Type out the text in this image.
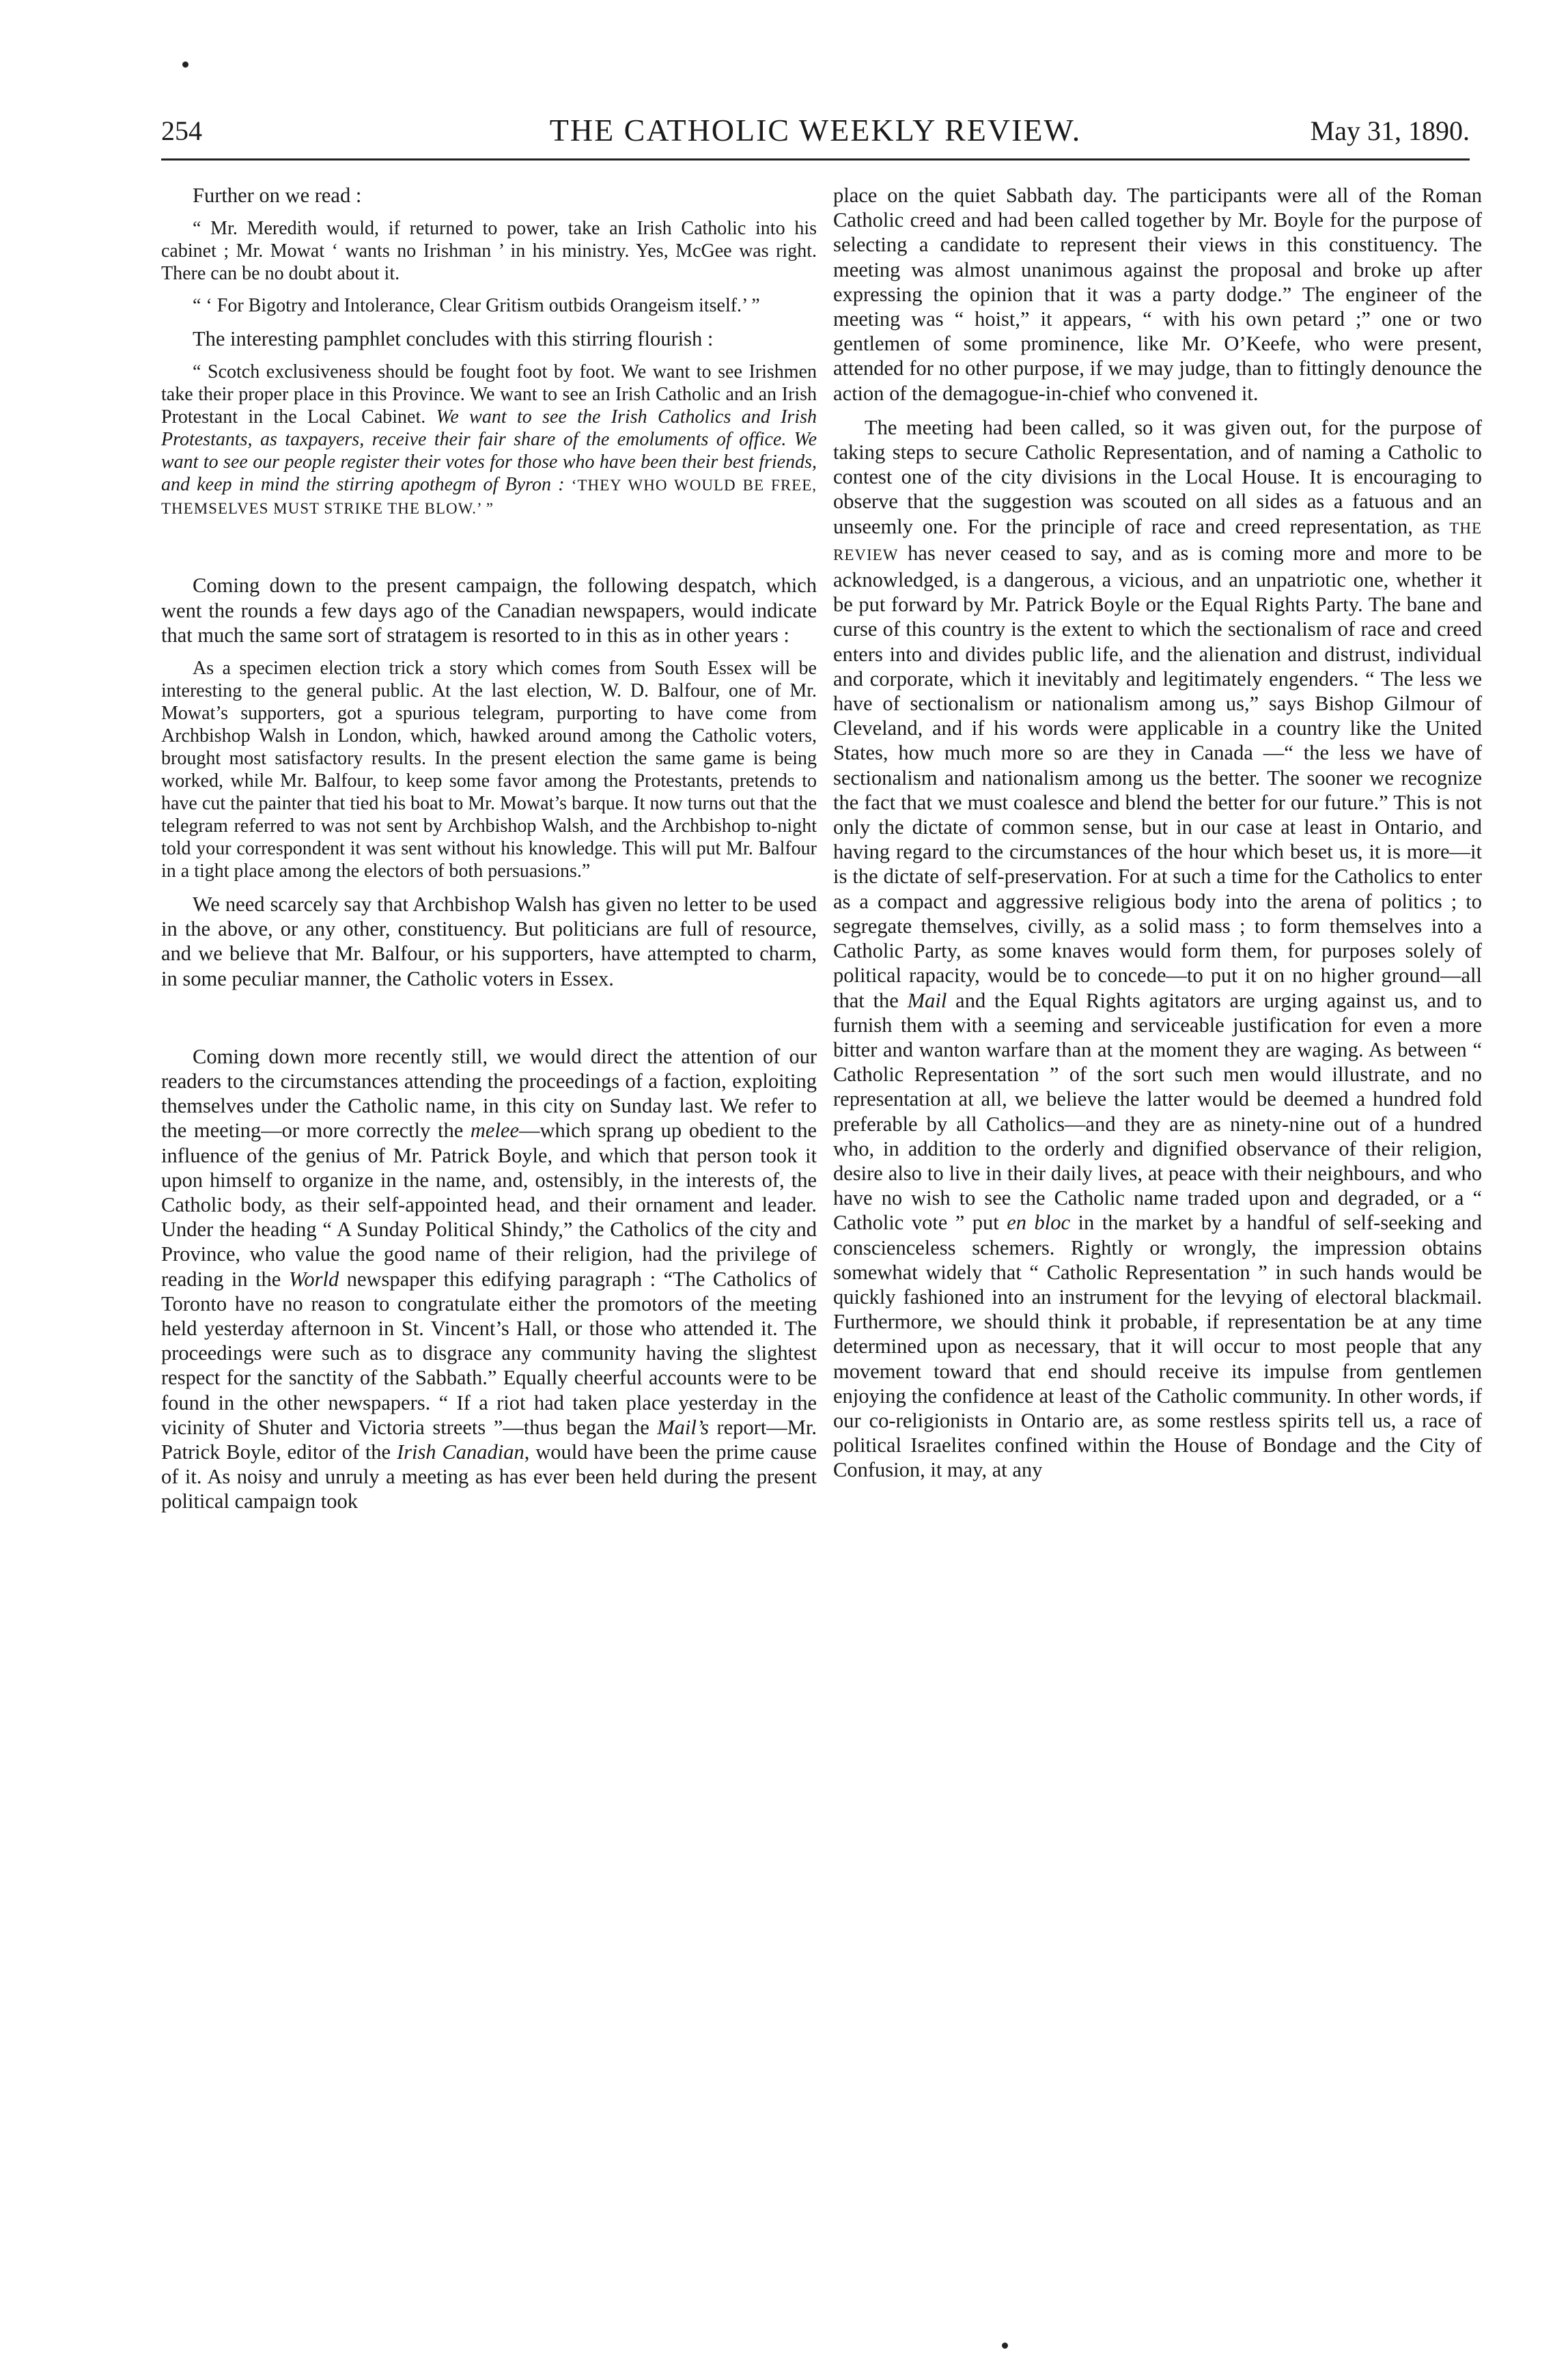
254	THE CATHOLIC WEEKLY REVIEW.	May 31, 1890.

Further on we read :

“ Mr. Meredith would, if returned to power, take an Irish Catholic into his cabinet ; Mr. Mowat ‘ wants no Irishman ’ in his ministry. Yes, McGee was right. There can be no doubt about it.

“ ‘ For Bigotry and Intolerance, Clear Gritism outbids Orangeism itself.’ ”

The interesting pamphlet concludes with this stirring flourish :

“ Scotch exclusiveness should be fought foot by foot. We want to see Irishmen take their proper place in this Province. We want to see an Irish Catholic and an Irish Protestant in the Local Cabinet. We want to see the Irish Catholics and Irish Protestants, as taxpayers, receive their fair share of the emoluments of office. We want to see our people register their votes for those who have been their best friends, and keep in mind the stirring apothegm of Byron : ‘THEY WHO WOULD BE FREE, THEMSELVES MUST STRIKE THE BLOW.’ ”

Coming down to the present campaign, the following despatch, which went the rounds a few days ago of the Canadian newspapers, would indicate that much the same sort of stratagem is resorted to in this as in other years :

As a specimen election trick a story which comes from South Essex will be interesting to the general public. At the last election, W. D. Balfour, one of Mr. Mowat’s supporters, got a spurious telegram, purporting to have come from Archbishop Walsh in London, which, hawked around among the Catholic voters, brought most satisfactory results. In the present election the same game is being worked, while Mr. Balfour, to keep some favor among the Protestants, pretends to have cut the painter that tied his boat to Mr. Mowat’s barque. It now turns out that the telegram referred to was not sent by Archbishop Walsh, and the Archbishop to-night told your correspondent it was sent without his knowledge. This will put Mr. Balfour in a tight place among the electors of both persuasions.”

We need scarcely say that Archbishop Walsh has given no letter to be used in the above, or any other, constituency. But politicians are full of resource, and we believe that Mr. Balfour, or his supporters, have attempted to charm, in some peculiar manner, the Catholic voters in Essex.

Coming down more recently still, we would direct the attention of our readers to the circumstances attending the proceedings of a faction, exploiting themselves under the Catholic name, in this city on Sunday last. We refer to the meeting—or more correctly the melee—which sprang up obedient to the influence of the genius of Mr. Patrick Boyle, and which that person took it upon himself to organize in the name, and, ostensibly, in the interests of, the Catholic body, as their self-appointed head, and their ornament and leader. Under the heading “ A Sunday Political Shindy,” the Catholics of the city and Province, who value the good name of their religion, had the privilege of reading in the World newspaper this edifying paragraph : “The Catholics of Toronto have no reason to congratulate either the promotors of the meeting held yesterday afternoon in St. Vincent’s Hall, or those who attended it. The proceedings were such as to disgrace any community having the slightest respect for the sanctity of the Sabbath.” Equally cheerful accounts were to be found in the other newspapers. “ If a riot had taken place yesterday in the vicinity of Shuter and Victoria streets ”—thus began the Mail’s report—Mr. Patrick Boyle, editor of the Irish Canadian, would have been the prime cause of it. As noisy and unruly a meeting as has ever been held during the present political campaign took

place on the quiet Sabbath day. The participants were all of the Roman Catholic creed and had been called together by Mr. Boyle for the purpose of selecting a candidate to represent their views in this constituency. The meeting was almost unanimous against the proposal and broke up after expressing the opinion that it was a party dodge.” The engineer of the meeting was “ hoist,” it appears, “ with his own petard ;” one or two gentlemen of some prominence, like Mr. O’Keefe, who were present, attended for no other purpose, if we may judge, than to fittingly denounce the action of the demagogue-in-chief who convened it.

The meeting had been called, so it was given out, for the purpose of taking steps to secure Catholic Representation, and of naming a Catholic to contest one of the city divisions in the Local House. It is encouraging to observe that the suggestion was scouted on all sides as a fatuous and an unseemly one. For the principle of race and creed representation, as THE REVIEW has never ceased to say, and as is coming more and more to be acknowledged, is a dangerous, a vicious, and an unpatriotic one, whether it be put forward by Mr. Patrick Boyle or the Equal Rights Party. The bane and curse of this country is the extent to which the sectionalism of race and creed enters into and divides public life, and the alienation and distrust, individual and corporate, which it inevitably and legitimately engenders. “ The less we have of sectionalism or nationalism among us,” says Bishop Gilmour of Cleveland, and if his words were applicable in a country like the United States, how much more so are they in Canada —“ the less we have of sectionalism and nationalism among us the better. The sooner we recognize the fact that we must coalesce and blend the better for our future.” This is not only the dictate of common sense, but in our case at least in Ontario, and having regard to the circumstances of the hour which beset us, it is more—it is the dictate of self-preservation. For at such a time for the Catholics to enter as a compact and aggressive religious body into the arena of politics ; to segregate themselves, civilly, as a solid mass ; to form themselves into a Catholic Party, as some knaves would form them, for purposes solely of political rapacity, would be to concede—to put it on no higher ground—all that the Mail and the Equal Rights agitators are urging against us, and to furnish them with a seeming and serviceable justification for even a more bitter and wanton warfare than at the moment they are waging. As between “ Catholic Representation ” of the sort such men would illustrate, and no representation at all, we believe the latter would be deemed a hundred fold preferable by all Catholics—and they are as ninety-nine out of a hundred who, in addition to the orderly and dignified observance of their religion, desire also to live in their daily lives, at peace with their neighbours, and who have no wish to see the Catholic name traded upon and degraded, or a “ Catholic vote ” put en bloc in the market by a handful of self-seeking and conscienceless schemers. Rightly or wrongly, the impression obtains somewhat widely that “ Catholic Representation ” in such hands would be quickly fashioned into an instrument for the levying of electoral blackmail. Furthermore, we should think it probable, if representation be at any time determined upon as necessary, that it will occur to most people that any movement toward that end should receive its impulse from gentlemen enjoying the confidence at least of the Catholic community. In other words, if our co-religionists in Ontario are, as some restless spirits tell us, a race of political Israelites confined within the House of Bondage and the City of Confusion, it may, at any
